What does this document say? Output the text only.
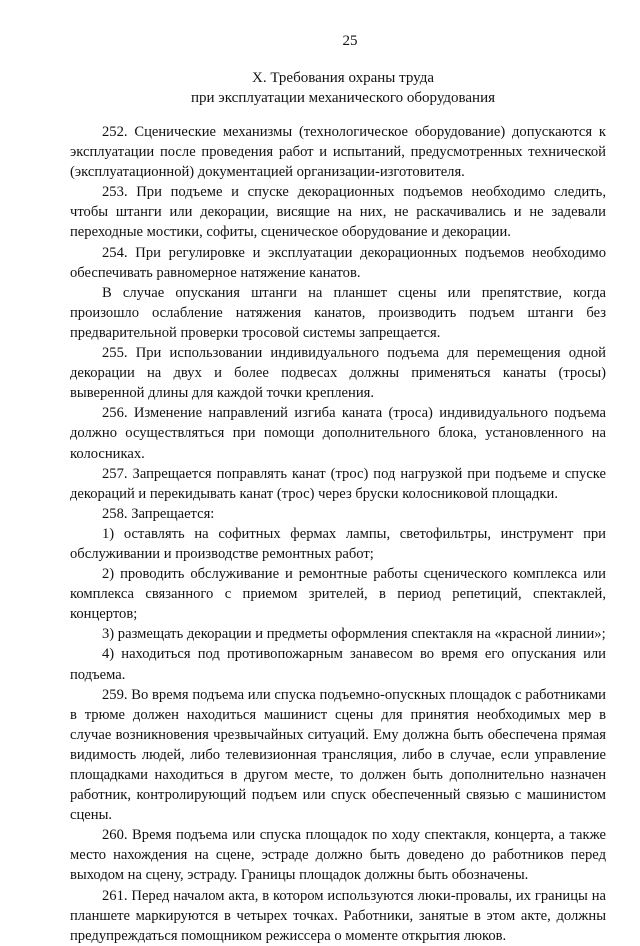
25
X. Требования охраны труда
при эксплуатации механического оборудования

252. Сценические механизмы (технологическое оборудование) допускаются к эксплуатации после проведения работ и испытаний, предусмотренных технической (эксплуатационной) документацией организации-изготовителя.

253. При подъеме и спуске декорационных подъемов необходимо следить, чтобы штанги или декорации, висящие на них, не раскачивались и не задевали переходные мостики, софиты, сценическое оборудование и декорации.

254. При регулировке и эксплуатации декорационных подъемов необходимо обеспечивать равномерное натяжение канатов.

В случае опускания штанги на планшет сцены или препятствие, когда произошло ослабление натяжения канатов, производить подъем штанги без предварительной проверки тросовой системы запрещается.

255. При использовании индивидуального подъема для перемещения одной декорации на двух и более подвесах должны применяться канаты (тросы) выверенной длины для каждой точки крепления.

256. Изменение направлений изгиба каната (троса) индивидуального подъема должно осуществляться при помощи дополнительного блока, установленного на колосниках.

257. Запрещается поправлять канат (трос) под нагрузкой при подъеме и спуске декораций и перекидывать канат (трос) через бруски колосниковой площадки.

258. Запрещается:

1) оставлять на софитных фермах лампы, светофильтры, инструмент при обслуживании и производстве ремонтных работ;

2) проводить обслуживание и ремонтные работы сценического комплекса или комплекса связанного с приемом зрителей, в период репетиций, спектаклей, концертов;

3) размещать декорации и предметы оформления спектакля на «красной линии»;

4) находиться под противопожарным занавесом во время его опускания или подъема.

259. Во время подъема или спуска подъемно-опускных площадок с работниками в трюме должен находиться машинист сцены для принятия необходимых мер в случае возникновения чрезвычайных ситуаций. Ему должна быть обеспечена прямая видимость людей, либо телевизионная трансляция, либо в случае, если управление площадками находиться в другом месте, то должен быть дополнительно назначен работник, контролирующий подъем или спуск обеспеченный связью с машинистом сцены.

260. Время подъема или спуска площадок по ходу спектакля, концерта, а также место нахождения на сцене, эстраде должно быть доведено до работников перед выходом на сцену, эстраду. Границы площадок должны быть обозначены.

261. Перед началом акта, в котором используются люки-провалы, их границы на планшете маркируются в четырех точках. Работники, занятые в этом акте, должны предупреждаться помощником режиссера о моменте открытия люков.
